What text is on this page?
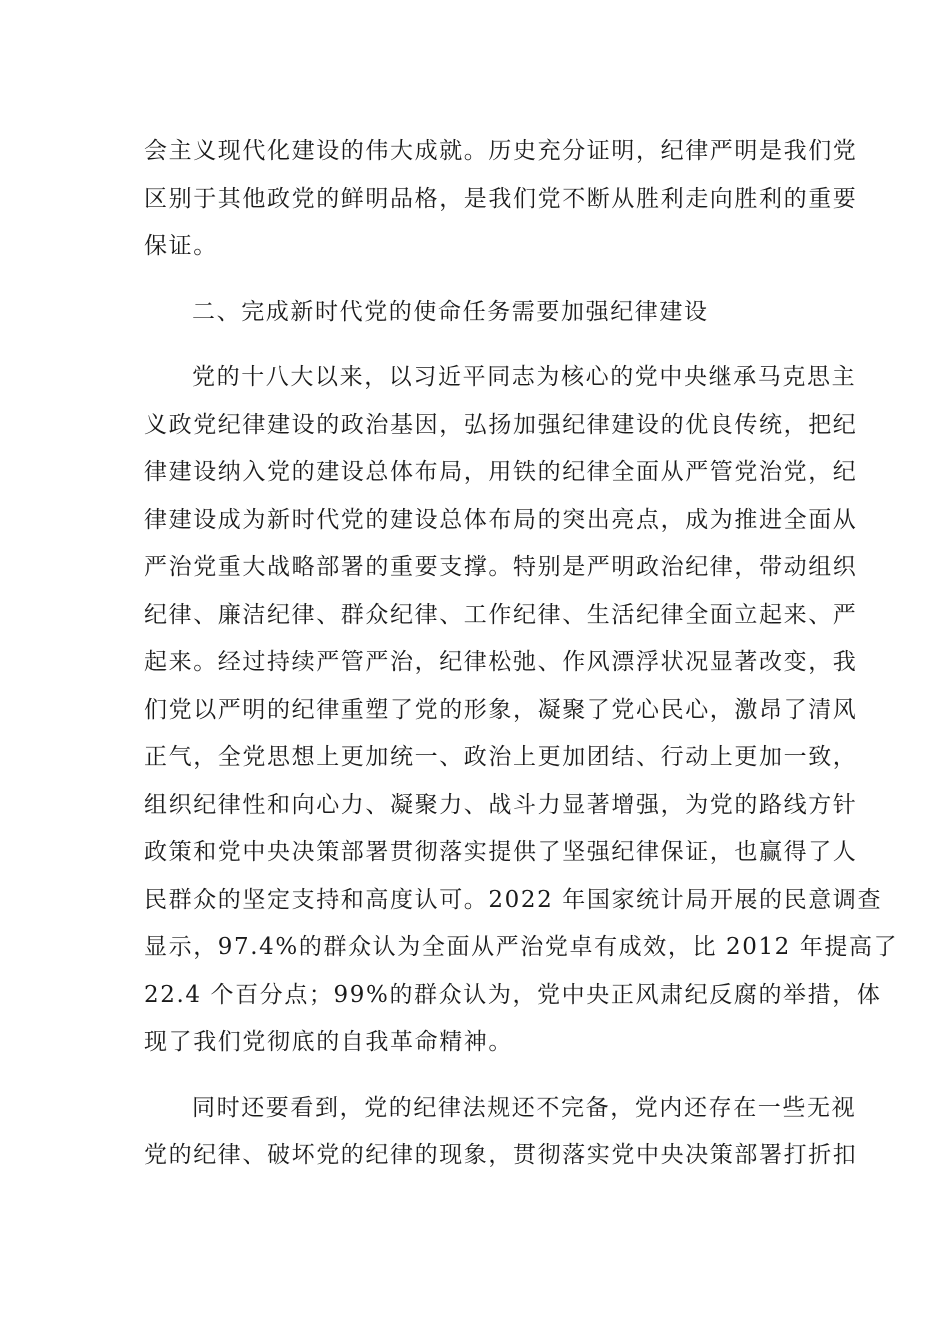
会主义现代化建设的伟大成就。历史充分证明，纪律严明是我们党
区别于其他政党的鲜明品格，是我们党不断从胜利走向胜利的重要
保证。
二、完成新时代党的使命任务需要加强纪律建设
党的十八大以来，以习近平同志为核心的党中央继承马克思主
义政党纪律建设的政治基因，弘扬加强纪律建设的优良传统，把纪
律建设纳入党的建设总体布局，用铁的纪律全面从严管党治党，纪
律建设成为新时代党的建设总体布局的突出亮点，成为推进全面从
严治党重大战略部署的重要支撑。特别是严明政治纪律，带动组织
纪律、廉洁纪律、群众纪律、工作纪律、生活纪律全面立起来、严
起来。经过持续严管严治，纪律松弛、作风漂浮状况显著改变，我
们党以严明的纪律重塑了党的形象，凝聚了党心民心，激昂了清风
正气，全党思想上更加统一、政治上更加团结、行动上更加一致，
组织纪律性和向心力、凝聚力、战斗力显著增强，为党的路线方针
政策和党中央决策部署贯彻落实提供了坚强纪律保证，也赢得了人
民群众的坚定支持和高度认可。2022 年国家统计局开展的民意调查
显示，97.4%的群众认为全面从严治党卓有成效，比 2012 年提高了
22.4 个百分点；99%的群众认为，党中央正风肃纪反腐的举措，体
现了我们党彻底的自我革命精神。
同时还要看到，党的纪律法规还不完备，党内还存在一些无视
党的纪律、破坏党的纪律的现象，贯彻落实党中央决策部署打折扣
